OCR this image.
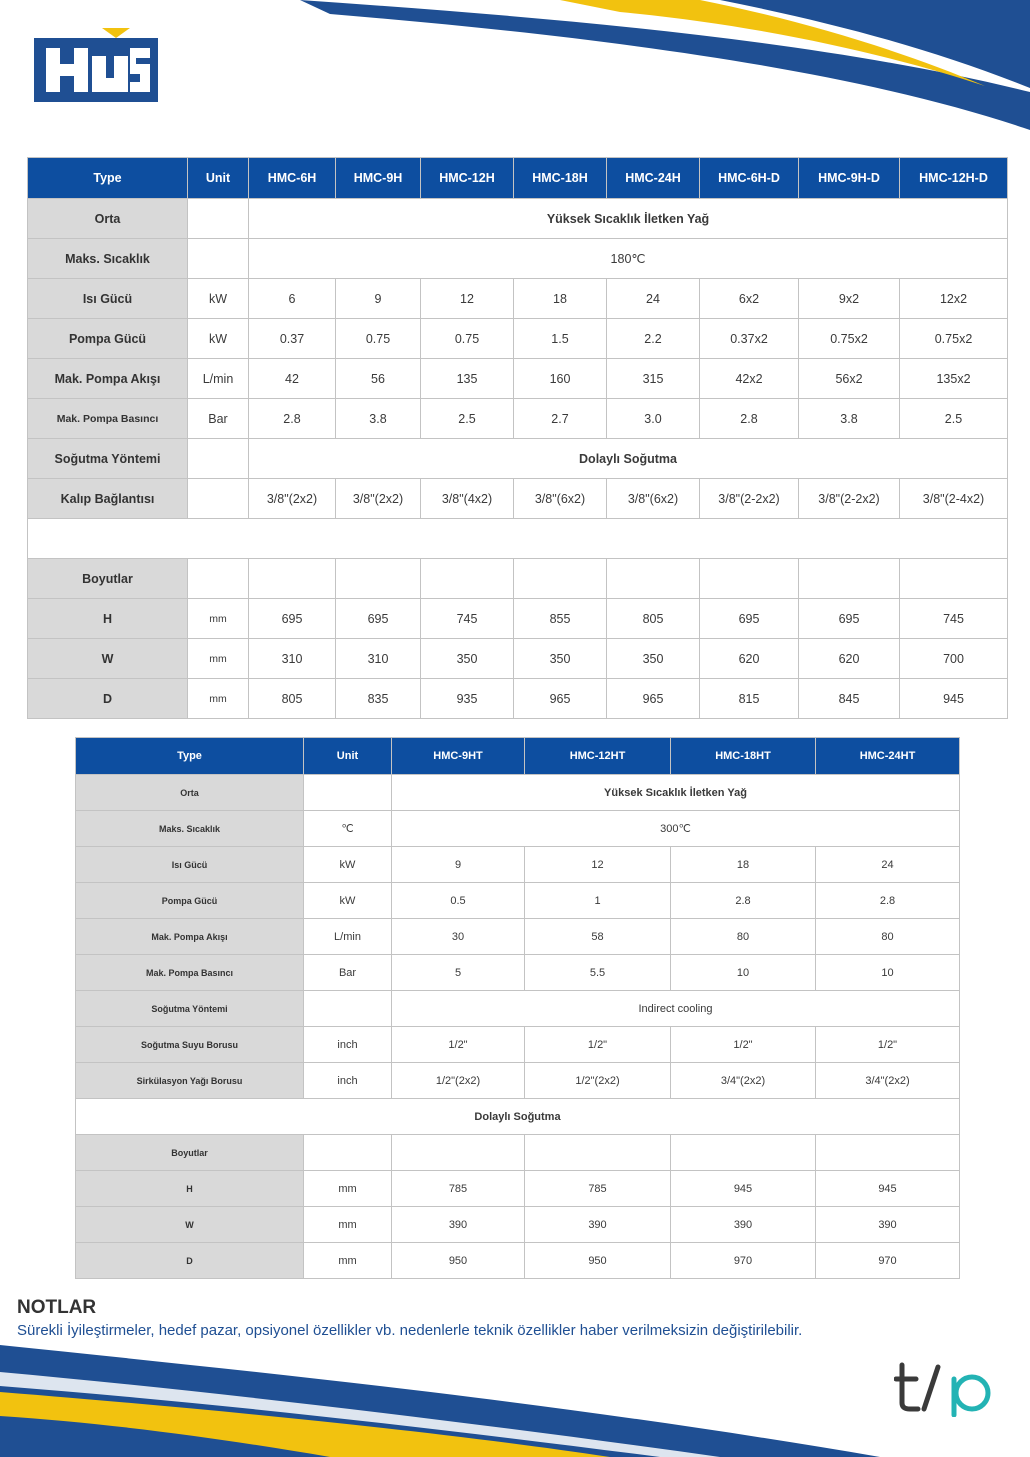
HMC
Type	Unit	HMC-6H	HMC-9H	HMC-12H	HMC-18H	HMC-24H	HMC-6H-D	HMC-9H-D	HMC-12H-D
Orta		Yüksek Sıcaklık İletken Yağ							
Maks. Sıcaklık		180℃							
Isı Gücü	kW	6	9	12	18	24	6x2	9x2	12x2
Pompa Gücü	kW	0.37	0.75	0.75	1.5	2.2	0.37x2	0.75x2	0.75x2
Mak. Pompa Akışı	L/min	42	56	135	160	315	42x2	56x2	135x2
Mak. Pompa Basıncı	Bar	2.8	3.8	2.5	2.7	3.0	2.8	3.8	2.5
Soğutma Yöntemi		Dolaylı Soğutma							
Kalıp Bağlantısı		3/8"(2x2)	3/8"(2x2)	3/8"(4x2)	3/8"(6x2)	3/8"(6x2)	3/8"(2-2x2)	3/8"(2-2x2)	3/8"(2-4x2)

Boyutlar									
H	mm	695	695	745	855	805	695	695	745
W	mm	310	310	350	350	350	620	620	700
D	mm	805	835	935	965	965	815	845	945
Type	Unit	HMC-9HT	HMC-12HT	HMC-18HT	HMC-24HT
Orta		Yüksek Sıcaklık İletken Yağ			
Maks. Sıcaklık	℃	300℃			
Isı Gücü	kW	9	12	18	24
Pompa Gücü	kW	0.5	1	2.8	2.8
Mak. Pompa Akışı	L/min	30	58	80	80
Mak. Pompa Basıncı	Bar	5	5.5	10	10
Soğutma Yöntemi		Indirect cooling			
Soğutma Suyu Borusu	inch	1/2"	1/2"	1/2"	1/2"
Sirkülasyon Yağı Borusu	inch	1/2"(2x2)	1/2"(2x2)	3/4"(2x2)	3/4"(2x2)
Dolaylı Soğutma					
Boyutlar					
H	mm	785	785	945	945
W	mm	390	390	390	390
D	mm	950	950	970	970
NOTLAR

Sürekli İyileştirmeler, hedef pazar, opsiyonel özellikler vb. nedenlerle teknik özellikler haber verilmeksizin değiştirilebilir.

tsp
